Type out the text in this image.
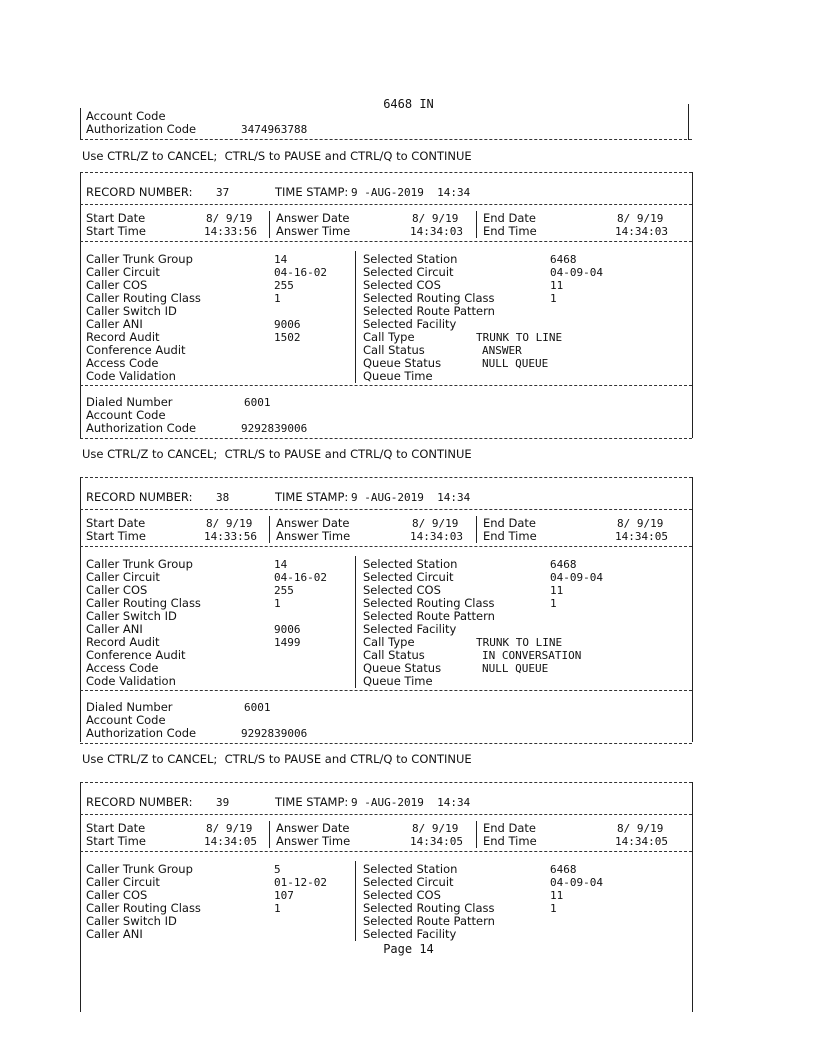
6468 IN
Account Code
Authorization Code	3474963788
Use CTRL/Z to CANCEL;  CTRL/S to PAUSE and CTRL/Q to CONTINUE
RECORD NUMBER: 37	TIME STAMP: 9 -AUG-2019  14:34
Start Date	8/ 9/19
Start Time	14:33:56
Answer Date	8/ 9/19
Answer Time	14:34:03
End Date	8/ 9/19
End Time	14:34:03
Caller Trunk Group	14
Caller Circuit	04-16-02
Caller COS	255
Caller Routing Class	1
Caller Switch ID
Caller ANI	9006
Record Audit	1502
Conference Audit
Access Code
Code Validation
Selected Station	6468
Selected Circuit	04-09-04
Selected COS	11
Selected Routing Class	1
Selected Route Pattern
Selected Facility
Call Type	TRUNK TO LINE
Call Status	ANSWER
Queue Status	NULL QUEUE
Queue Time
Dialed Number	6001
Account Code
Authorization Code	9292839006
Use CTRL/Z to CANCEL;  CTRL/S to PAUSE and CTRL/Q to CONTINUE
RECORD NUMBER: 38	TIME STAMP: 9 -AUG-2019  14:34
Start Date	8/ 9/19
Start Time	14:33:56
Answer Date	8/ 9/19
Answer Time	14:34:03
End Date	8/ 9/19
End Time	14:34:05
Caller Trunk Group	14
Caller Circuit	04-16-02
Caller COS	255
Caller Routing Class	1
Caller Switch ID
Caller ANI	9006
Record Audit	1499
Conference Audit
Access Code
Code Validation
Selected Station	6468
Selected Circuit	04-09-04
Selected COS	11
Selected Routing Class	1
Selected Route Pattern
Selected Facility
Call Type	TRUNK TO LINE
Call Status	IN CONVERSATION
Queue Status	NULL QUEUE
Queue Time
Dialed Number	6001
Account Code
Authorization Code	9292839006
Use CTRL/Z to CANCEL;  CTRL/S to PAUSE and CTRL/Q to CONTINUE
RECORD NUMBER: 39	TIME STAMP: 9 -AUG-2019  14:34
Start Date	8/ 9/19
Start Time	14:34:05
Answer Date	8/ 9/19
Answer Time	14:34:05
End Date	8/ 9/19
End Time	14:34:05
Caller Trunk Group	5
Caller Circuit	01-12-02
Caller COS	107
Caller Routing Class	1
Caller Switch ID
Caller ANI
Selected Station	6468
Selected Circuit	04-09-04
Selected COS	11
Selected Routing Class	1
Selected Route Pattern
Selected Facility
Page 14
